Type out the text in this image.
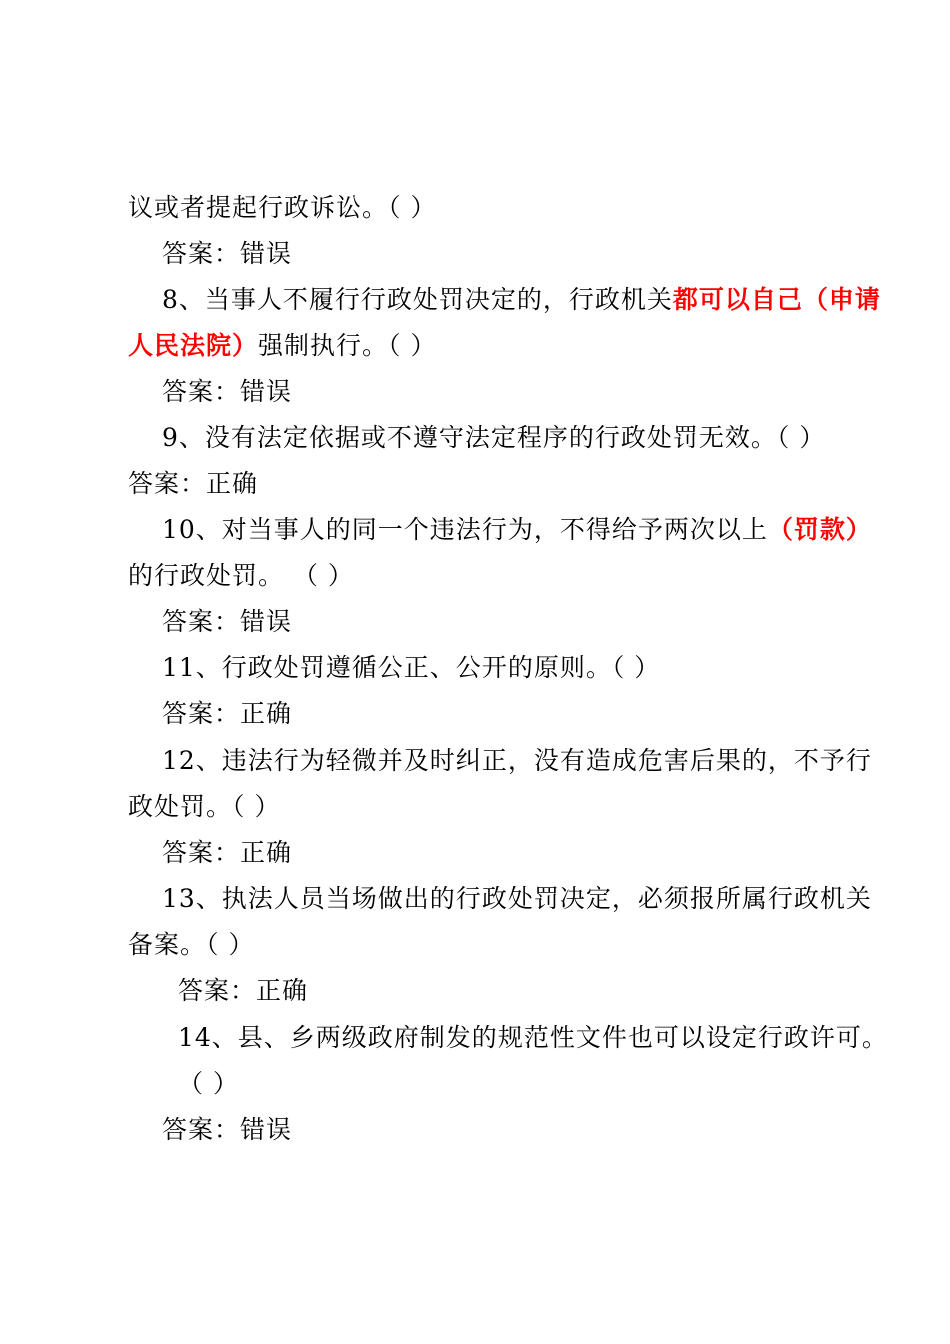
议或者提起行政诉讼。（ ）
答案：错误
8、当事人不履行行政处罚决定的，行政机关都可以自己（申请
人民法院）强制执行。（ ）
答案：错误
9、没有法定依据或不遵守法定程序的行政处罚无效。（ ）
答案：正确
10、对当事人的同一个违法行为，不得给予两次以上（罚款）
的行政处罚。 （ ）
答案：错误
11、行政处罚遵循公正、公开的原则。（ ）
答案：正确
12、违法行为轻微并及时纠正，没有造成危害后果的，不予行
政处罚。（ ）
答案：正确
13、执法人员当场做出的行政处罚决定，必须报所属行政机关
备案。（ ）
答案：正确
14、县、乡两级政府制发的规范性文件也可以设定行政许可。
（ ）
答案：错误
